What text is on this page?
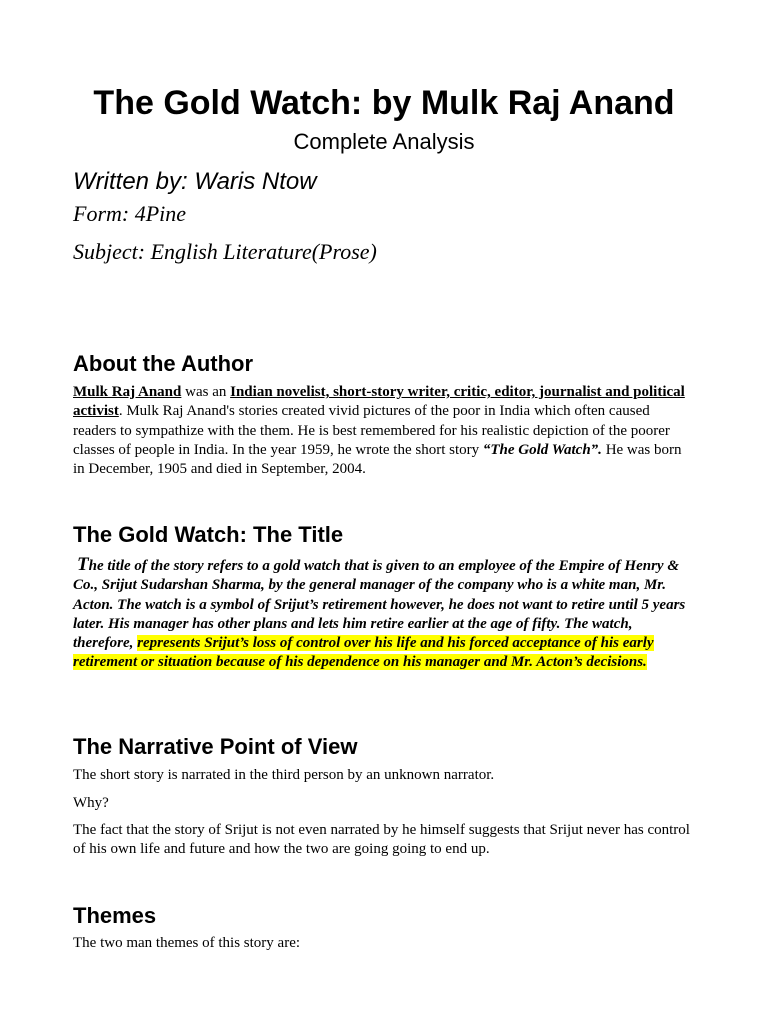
The Gold Watch: by Mulk Raj Anand
Complete Analysis
Written by: Waris Ntow
Form: 4Pine
Subject: English Literature(Prose)
About the Author
Mulk Raj Anand was an Indian novelist, short-story writer, critic, editor, journalist and political activist. Mulk Raj Anand's stories created vivid pictures of the poor in India which often caused readers to sympathize with the them. He is best remembered for his realistic depiction of the poorer classes of people in India. In the year 1959, he wrote the short story “The Gold Watch”. He was born in December, 1905 and died in September, 2004.
The Gold Watch: The Title
The title of the story refers to a gold watch that is given to an employee of the Empire of Henry & Co., Srijut Sudarshan Sharma, by the general manager of the company who is a white man, Mr. Acton. The watch is a symbol of Srijut’s retirement however, he does not want to retire until 5 years later. His manager has other plans and lets him retire earlier at the age of fifty. The watch, therefore, represents Srijut’s loss of control over his life and his forced acceptance of his early retirement or situation because of his dependence on his manager and Mr. Acton’s decisions.
The Narrative Point of View
The short story is narrated in the third person by an unknown narrator.
Why?
The fact that the story of Srijut is not even narrated by he himself suggests that Srijut never has control of his own life and future and how the two are going going to end up.
Themes
The two man themes of this story are:
